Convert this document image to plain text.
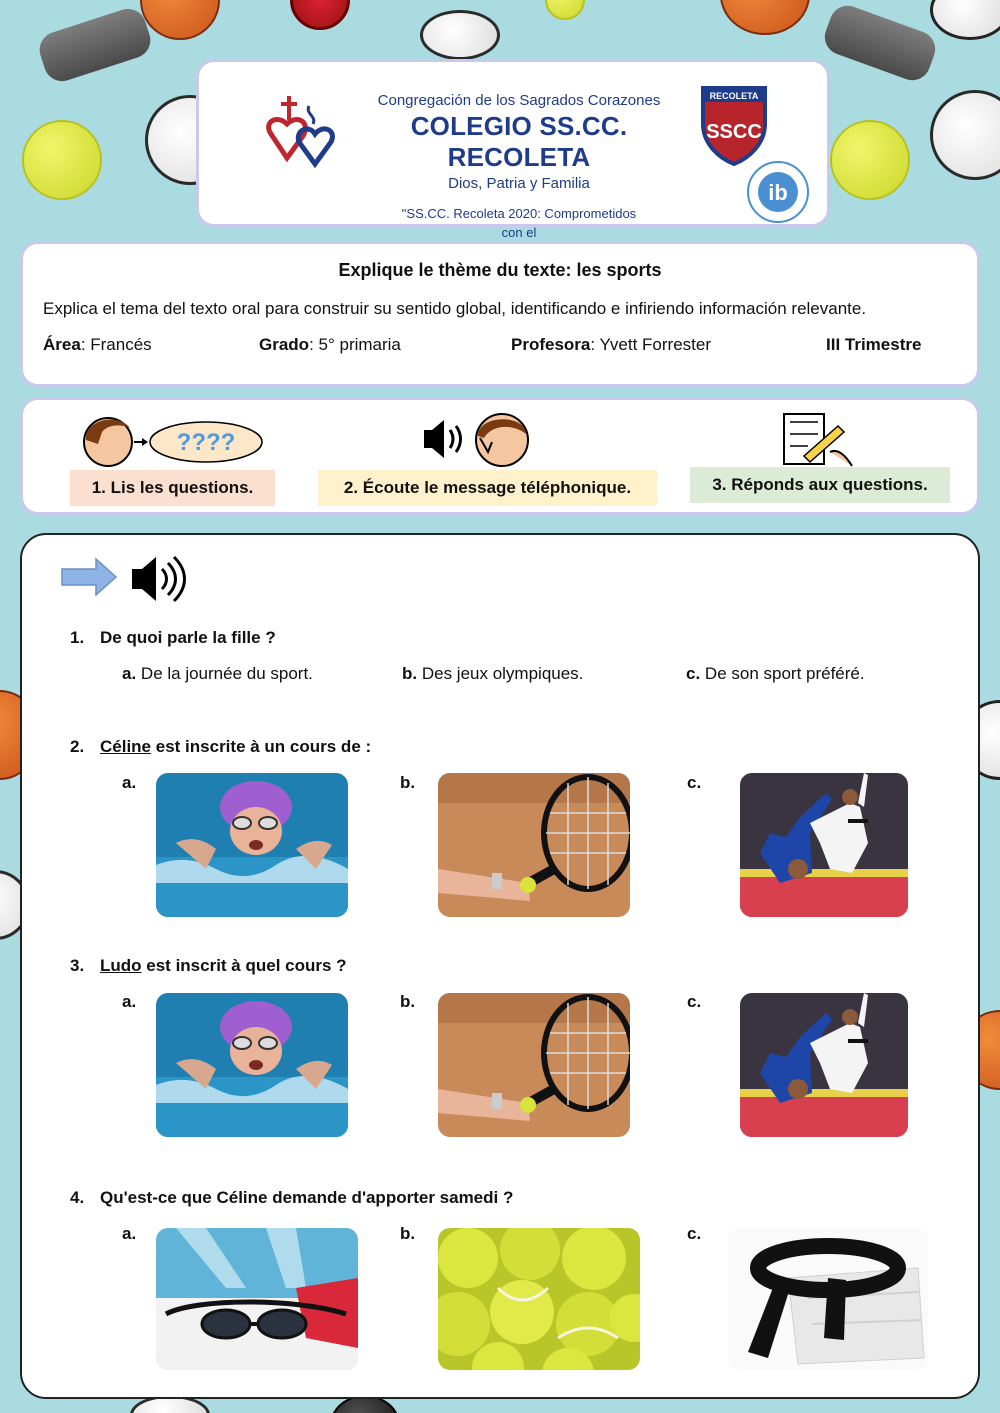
Congregación de los Sagrados Corazones
COLEGIO SS.CC. RECOLETA
Dios, Patria y Familia
"SS.CC. Recoleta 2020: Comprometidos con el

RECOLETA
SSCC
ib
Explique le thème du texte: les sports
Explica el tema del texto oral para construir su sentido global, identificando e infiriendo información relevante.
Área: Francés	Grado: 5° primaria	Profesora: Yvett Forrester	III Trimestre
????
1. Lis les questions.	2. Écoute le message téléphonique.	3. Réponds aux questions.
1. De quoi parle la fille ?
a. De la journée du sport.	b. Des jeux olympiques.	c. De son sport préféré.
2. Céline est inscrite à un cours de :
a.	b.	c.
3. Ludo est inscrit à quel cours ?
a.	b.	c.
4. Qu'est-ce que Céline demande d'apporter samedi ?
a.	b.	c.
